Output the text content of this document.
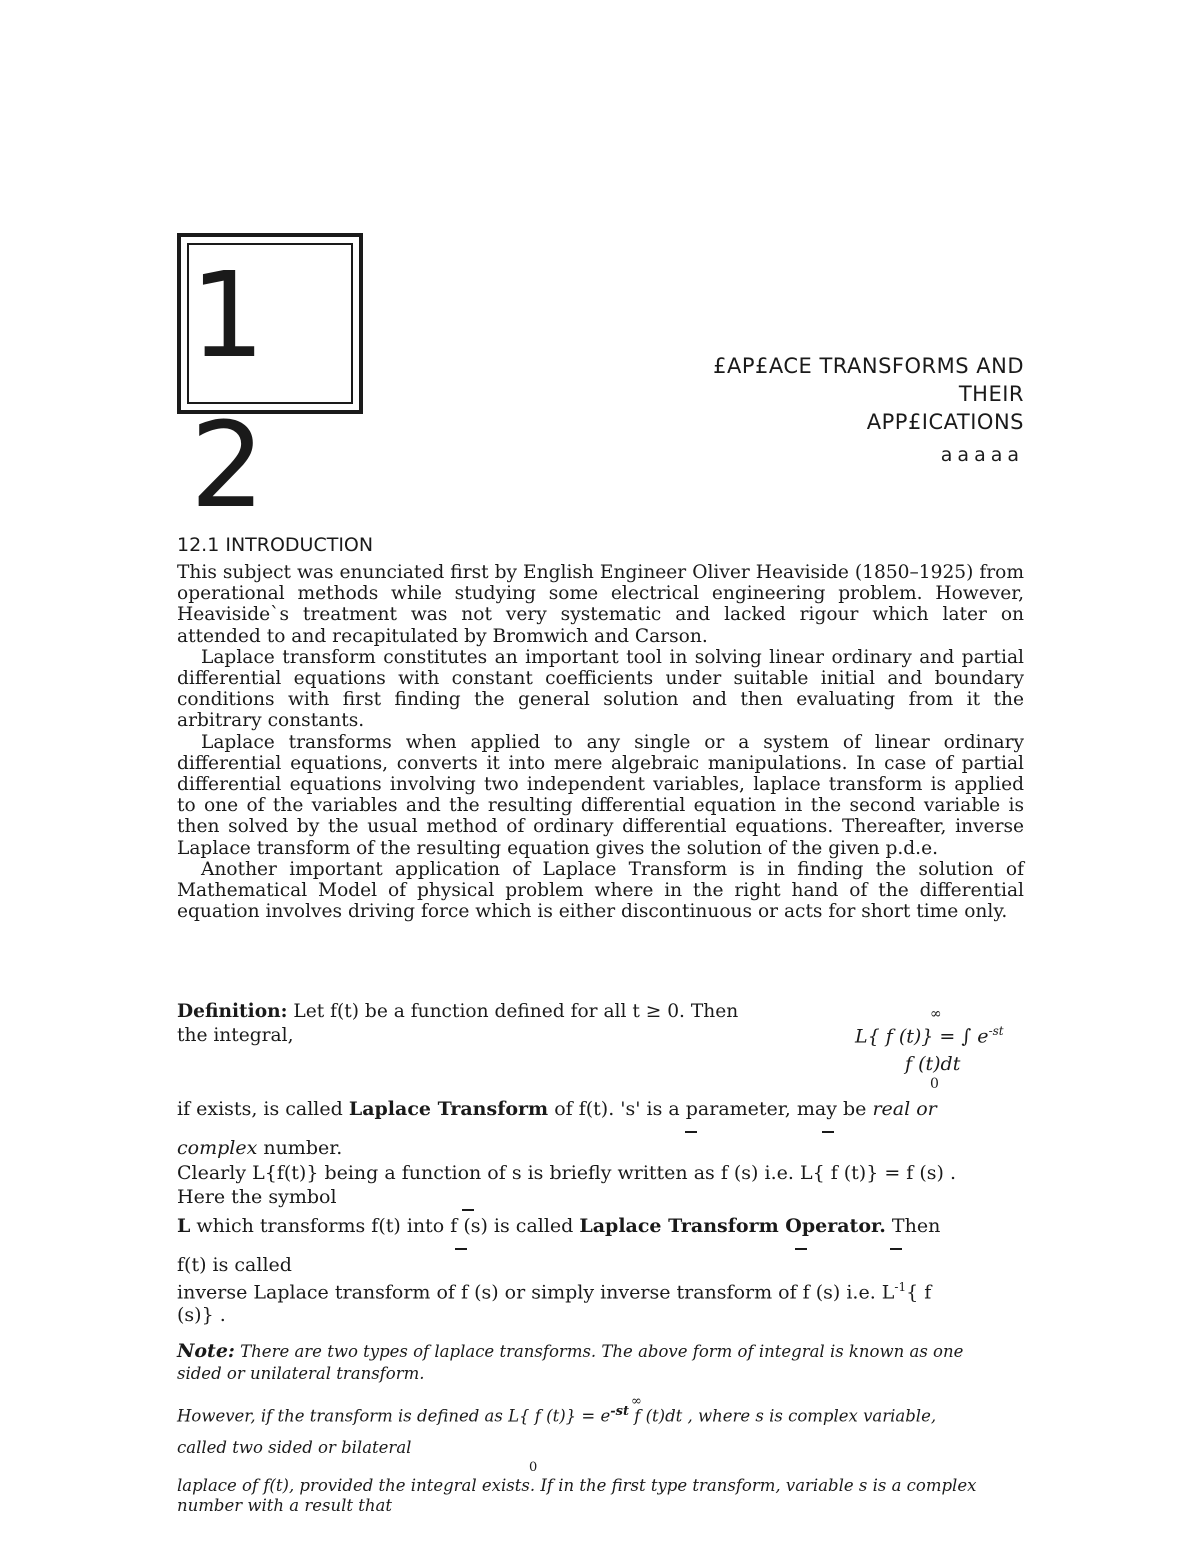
1
2
£AP£ACE TRANSFORMS AND
THEIR
APP£ICATIONS
aaaaa
12.1 INTRODUCTION

This subject was enunciated first by English Engineer Oliver Heaviside (1850–1925) from operational methods while studying some electrical engineering problem. However, Heaviside`s treatment was not very systematic and lacked rigour which later on attended to and recapitulated by Bromwich and Carson.

Laplace transform constitutes an important tool in solving linear ordinary and partial differential equations with constant coefficients under suitable initial and boundary conditions with first finding the general solution and then evaluating from it the arbitrary constants.

Laplace transforms when applied to any single or a system of linear ordinary differential equations, converts it into mere algebraic manipulations. In case of partial differential equations involving two independent variables, laplace transform is applied to one of the variables and the resulting differential equation in the second variable is then solved by the usual method of ordinary differential equations. Thereafter, inverse Laplace transform of the resulting equation gives the solution of the given p.d.e.

Another important application of Laplace Transform is in finding the solution of Mathematical Model of physical problem where in the right hand of the differential equation involves driving force which is either discontinuous or acts for short time only.

Definition: Let f(t) be a function defined for all t ≥ 0. Then
the integral,
∞
L{ f (t)} = ∫ $e^{-st}$
f (t)dt
0
if exists, is called Laplace Transform of f(t). 's' is a parameter, may be real or
complex number.
Clearly L{f(t)} being a function of s is briefly written as f (s) i.e. L{ f (t)} = f (s) .
Here the symbol
L which transforms f(t) into f (s) is called Laplace Transform Operator. Then
f(t) is called
inverse Laplace transform of f (s) or simply inverse transform of f (s) i.e. $L^{-1}${ f
(s)} .
Note: There are two types of laplace transforms. The above form of integral is known as one
sided or unilateral transform.
∞
However, if the transform is defined as L{ f $(t)\} = e^{-st}$ f (t)dt , where s is complex variable,
called two sided or bilateral
0
laplace of f(t), provided the integral exists. If in the first type transform, variable s is a complex
number with a result that
